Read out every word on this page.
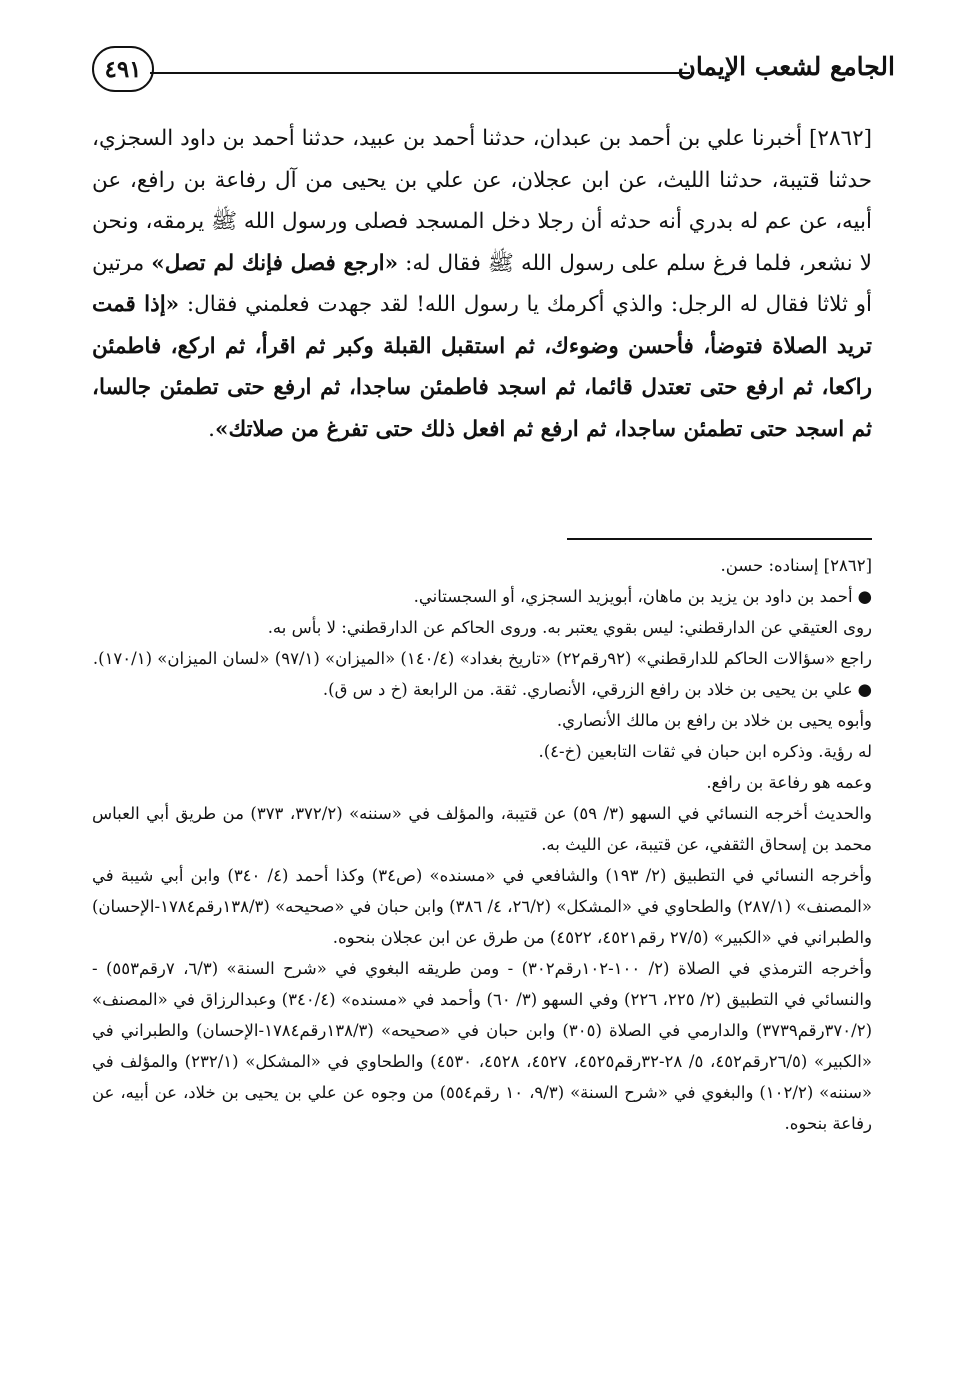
الجامع لشعب الإيمان
٤٩١

[٢٨٦٢] أخبرنا علي بن أحمد بن عبدان، حدثنا أحمد بن عبيد، حدثنا أحمد بن داود السجزي، حدثنا قتيبة، حدثنا الليث، عن ابن عجلان، عن علي بن يحيى من آل رفاعة بن رافع، عن أبيه، عن عم له بدري أنه حدثه أن رجلا دخل المسجد فصلى ورسول الله ﷺ يرمقه، ونحن لا نشعر، فلما فرغ سلم على رسول الله ﷺ فقال له: «ارجع فصل فإنك لم تصل» مرتين أو ثلاثا فقال له الرجل: والذي أكرمك يا رسول الله! لقد جهدت فعلمني فقال: «إذا قمت تريد الصلاة فتوضأ، فأحسن وضوءك، ثم استقبل القبلة وكبر ثم اقرأ، ثم اركع، فاطمئن راكعا، ثم ارفع حتى تعتدل قائما، ثم اسجد فاطمئن ساجدا، ثم ارفع حتى تطمئن جالسا، ثم اسجد حتى تطمئن ساجدا، ثم ارفع ثم افعل ذلك حتى تفرغ من صلاتك».

[٢٨٦٢] إسناده: حسن.

●أحمد بن داود بن يزيد بن ماهان، أبويزيد السجزي، أو السجستاني.

روى العتيقي عن الدارقطني: ليس بقوي يعتبر به. وروى الحاكم عن الدارقطني: لا بأس به.

راجع «سؤالات الحاكم للدارقطني» (٩٢رقم٢٢) «تاريخ بغداد» (١٤٠/٤) «الميزان» (٩٧/١) «لسان الميزان» (١٧٠/١).

●علي بن يحيى بن خلاد بن رافع الزرقي، الأنصاري. ثقة. من الرابعة (خ د س ق).

وأبوه يحيى بن خلاد بن رافع بن مالك الأنصاري.

له رؤية. وذكره ابن حبان في ثقات التابعين (خ-٤).

وعمه هو رفاعة بن رافع.

والحديث أخرجه النسائي في السهو (٣/ ٥٩) عن قتيبة، والمؤلف في «سننه» (٣٧٢/٢، ٣٧٣) من طريق أبي العباس محمد بن إسحاق الثقفي، عن قتيبة، عن الليث به.

وأخرجه النسائي في التطبيق (٢/ ١٩٣) والشافعي في «مسنده» (ص٣٤) وكذا أحمد (٤/ ٣٤٠) وابن أبي شيبة في «المصنف» (٢٨٧/١) والطحاوي في «المشكل» (٢٦/٢، ٤/ ٣٨٦) وابن حبان في «صحيحه» (١٣٨/٣رقم١٧٨٤-الإحسان) والطبراني في «الكبير» (٢٧/٥ رقم٤٥٢١، ٤٥٢٢) من طرق عن ابن عجلان بنحوه.

وأخرجه الترمذي في الصلاة (٢/ ١٠٠-١٠٢رقم٣٠٢) - ومن طريقه البغوي في «شرح السنة» (٦/٣، ٧رقم٥٥٣) - والنسائي في التطبيق (٢/ ٢٢٥، ٢٢٦) وفي السهو (٣/ ٦٠) وأحمد في «مسنده» (٣٤٠/٤) وعبدالرزاق في «المصنف» (٣٧٠/٢رقم٣٧٣٩) والدارمي في الصلاة (٣٠٥) وابن حبان في «صحيحه» (١٣٨/٣رقم١٧٨٤-الإحسان) والطبراني في «الكبير» (٢٦/٥رقم٤٥٢، ٥/ ٢٨-٣٢رقم٤٥٢٥، ٤٥٢٧، ٤٥٢٨، ٤٥٣٠) والطحاوي في «المشكل» (٢٣٢/١) والمؤلف في «سننه» (١٠٢/٢) والبغوي في «شرح السنة» (٩/٣، ١٠ رقم٥٥٤) من وجوه عن علي بن يحيى بن خلاد، عن أبيه، عن رفاعة بنحوه.
